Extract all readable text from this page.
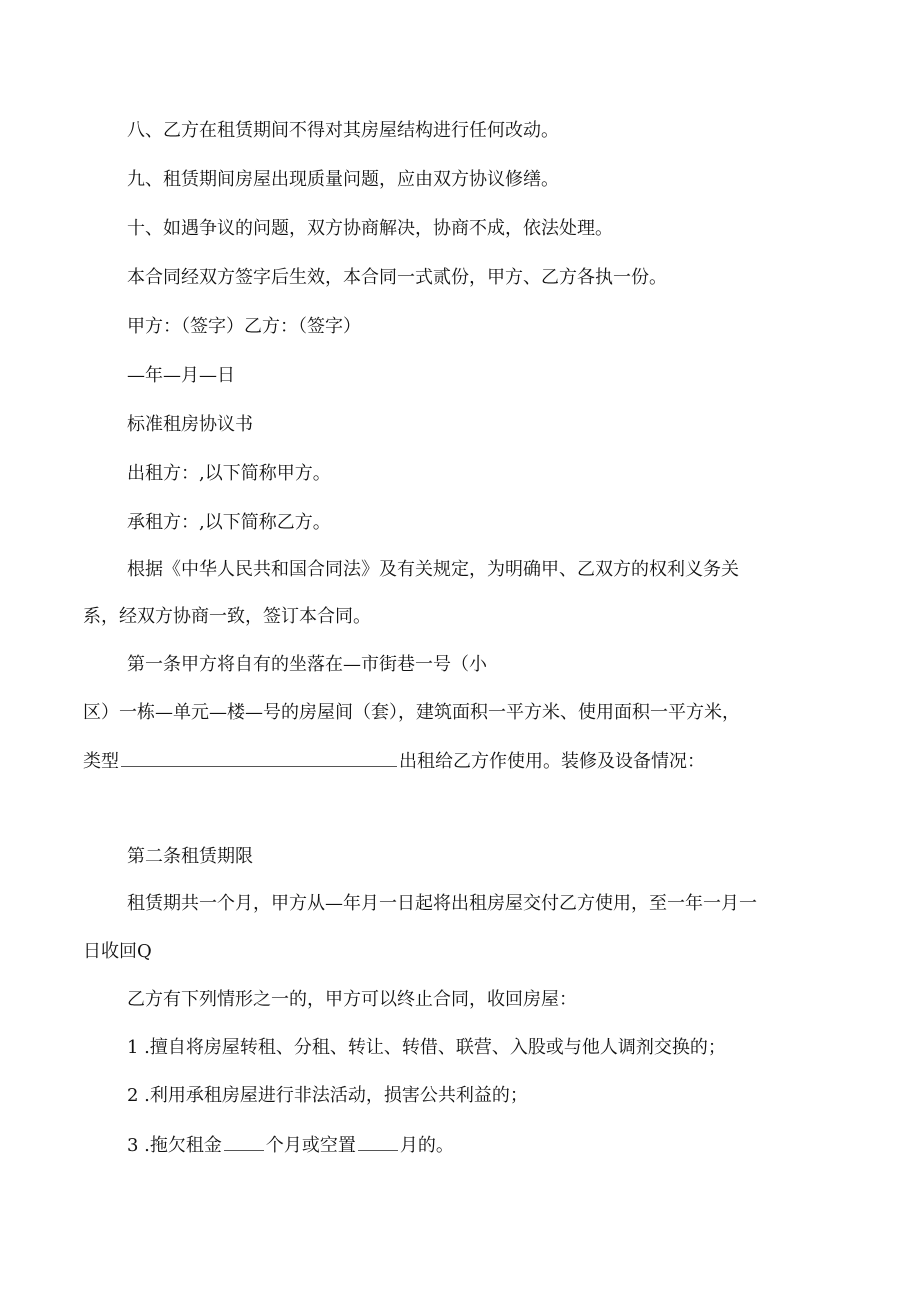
八、乙方在租赁期间不得对其房屋结构进行任何改动。
九、租赁期间房屋出现质量问题，应由双方协议修缮。
十、如遇争议的问题，双方协商解决，协商不成，依法处理。
本合同经双方签字后生效，本合同一式贰份，甲方、乙方各执一份。
甲方：（签字）乙方：（签字）
—年—月—日
标准租房协议书
出租方：,以下简称甲方。
承租方：,以下简称乙方。
根据《中华人民共和国合同法》及有关规定，为明确甲、乙双方的权利义务关
系，经双方协商一致，签订本合同。
第一条甲方将自有的坐落在—市街巷一号（小
区）一栋—单元—楼—号的房屋间（套），建筑面积一平方米、使用面积一平方米，
类型	出租给乙方作使用。装修及设备情况：
第二条租赁期限
租赁期共一个月，甲方从—年月一日起将出租房屋交付乙方使用，至一年一月一
日收回Q
乙方有下列情形之一的，甲方可以终止合同，收回房屋：
1 .擅自将房屋转租、分租、转让、转借、联营、入股或与他人调剂交换的；
2 .利用承租房屋进行非法活动，损害公共利益的；
3 .拖欠租金 个月或空置 月的。
